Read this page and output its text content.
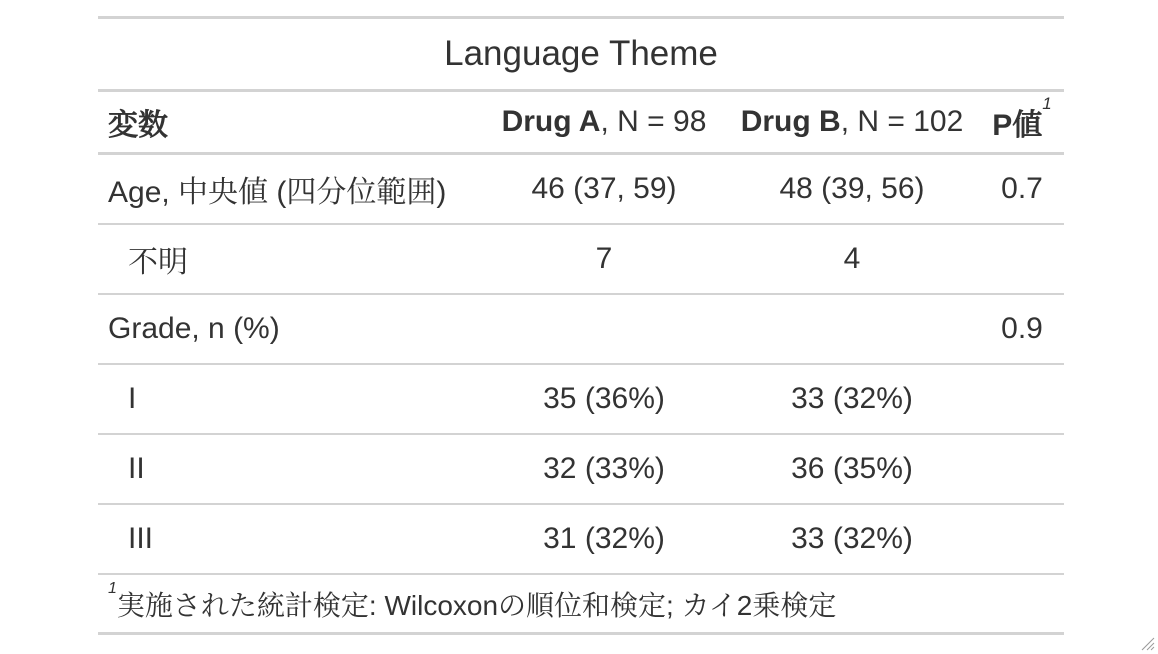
Language Theme			
変数	Drug A, N = 98	Drug B, N = 102	P値$^1$
Age, 中央値 (四分位範囲)	46 (37, 59)	48 (39, 56)	0.7
不明	7	4	
Grade, n (%)			0.9
I	35 (36%)	33 (32%)	
II	32 (33%)	36 (35%)	
III	31 (32%)	33 (32%)	
$^1$実施された統計検定: Wilcoxonの順位和検定; カイ2乗検定			
